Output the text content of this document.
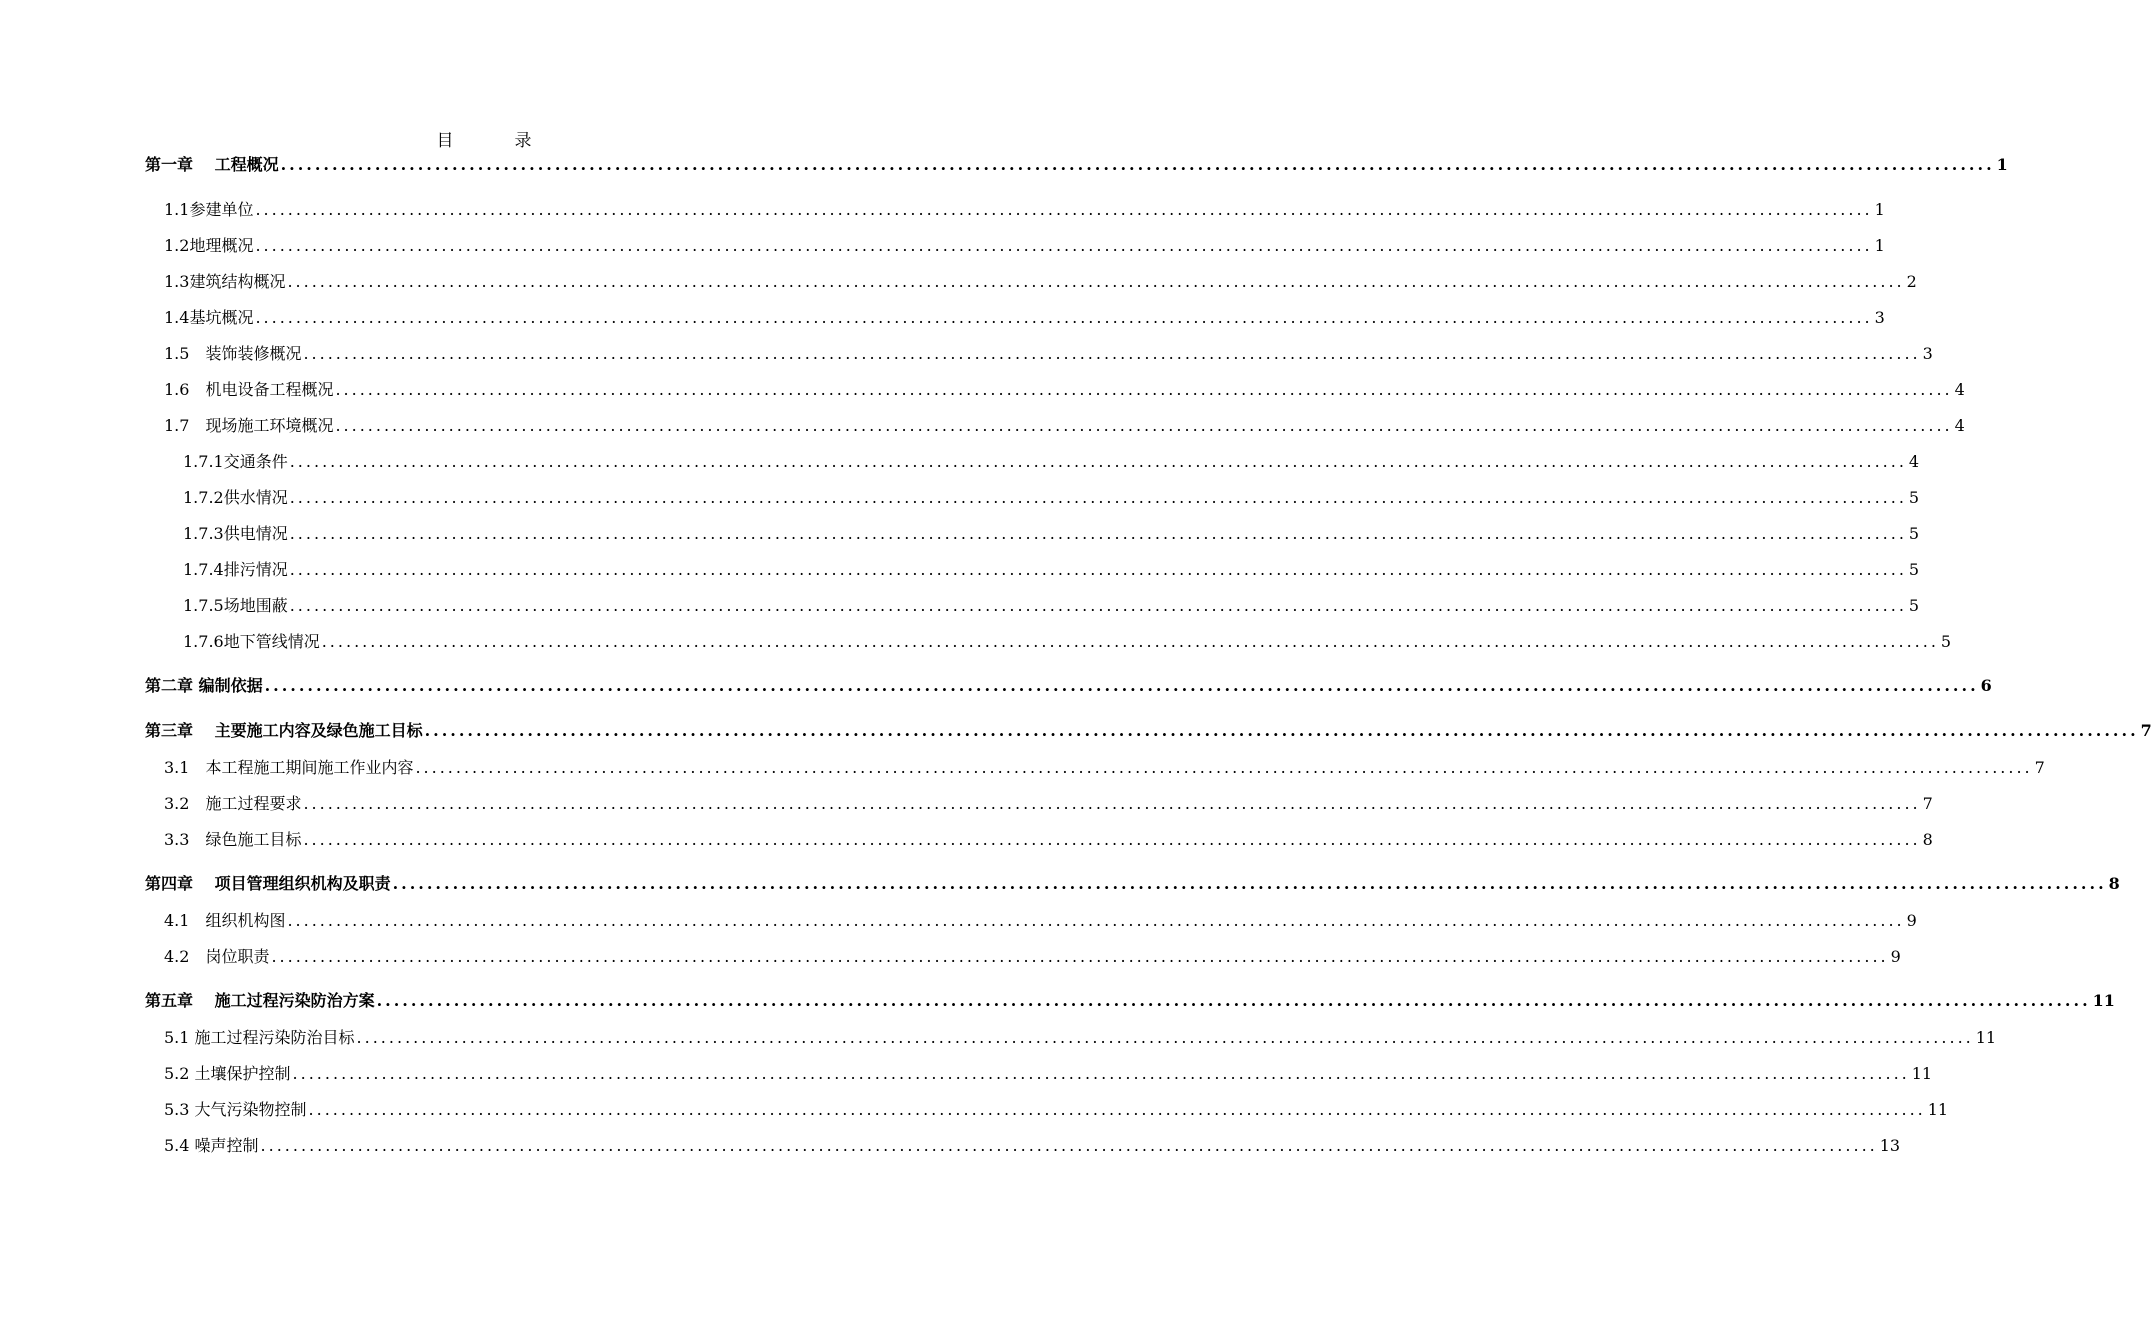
目　录
第一章　 工程概况 ........................................................................................................................................................................................................ 1
1.1参建单位 ........................................................................................................................................................................................................ 1
1.2地理概况 ........................................................................................................................................................................................................ 1
1.3建筑结构概况 ........................................................................................................................................................................................................ 2
1.4基坑概况 ........................................................................................................................................................................................................ 3
1.5　装饰装修概况 ........................................................................................................................................................................................................ 3
1.6　机电设备工程概况 ........................................................................................................................................................................................................ 4
1.7　现场施工环境概况 ........................................................................................................................................................................................................ 4
1.7.1交通条件 ........................................................................................................................................................................................................ 4
1.7.2供水情况 ........................................................................................................................................................................................................ 5
1.7.3供电情况 ........................................................................................................................................................................................................ 5
1.7.4排污情况 ........................................................................................................................................................................................................ 5
1.7.5场地围蔽 ........................................................................................................................................................................................................ 5
1.7.6地下管线情况 ........................................................................................................................................................................................................ 5
第二章 编制依据 ........................................................................................................................................................................................................ 6
第三章　 主要施工内容及绿色施工目标 ........................................................................................................................................................................................................ 7
3.1　本工程施工期间施工作业内容 ........................................................................................................................................................................................................ 7
3.2　施工过程要求 ........................................................................................................................................................................................................ 7
3.3　绿色施工目标 ........................................................................................................................................................................................................ 8
第四章　 项目管理组织机构及职责 ........................................................................................................................................................................................................ 8
4.1　组织机构图 ........................................................................................................................................................................................................ 9
4.2　岗位职责 ........................................................................................................................................................................................................ 9
第五章　 施工过程污染防治方案 ........................................................................................................................................................................................................ 11
5.1 施工过程污染防治目标 ........................................................................................................................................................................................................ 11
5.2 土壤保护控制 ........................................................................................................................................................................................................ 11
5.3 大气污染物控制 ........................................................................................................................................................................................................ 11
5.4 噪声控制 ........................................................................................................................................................................................................ 13
